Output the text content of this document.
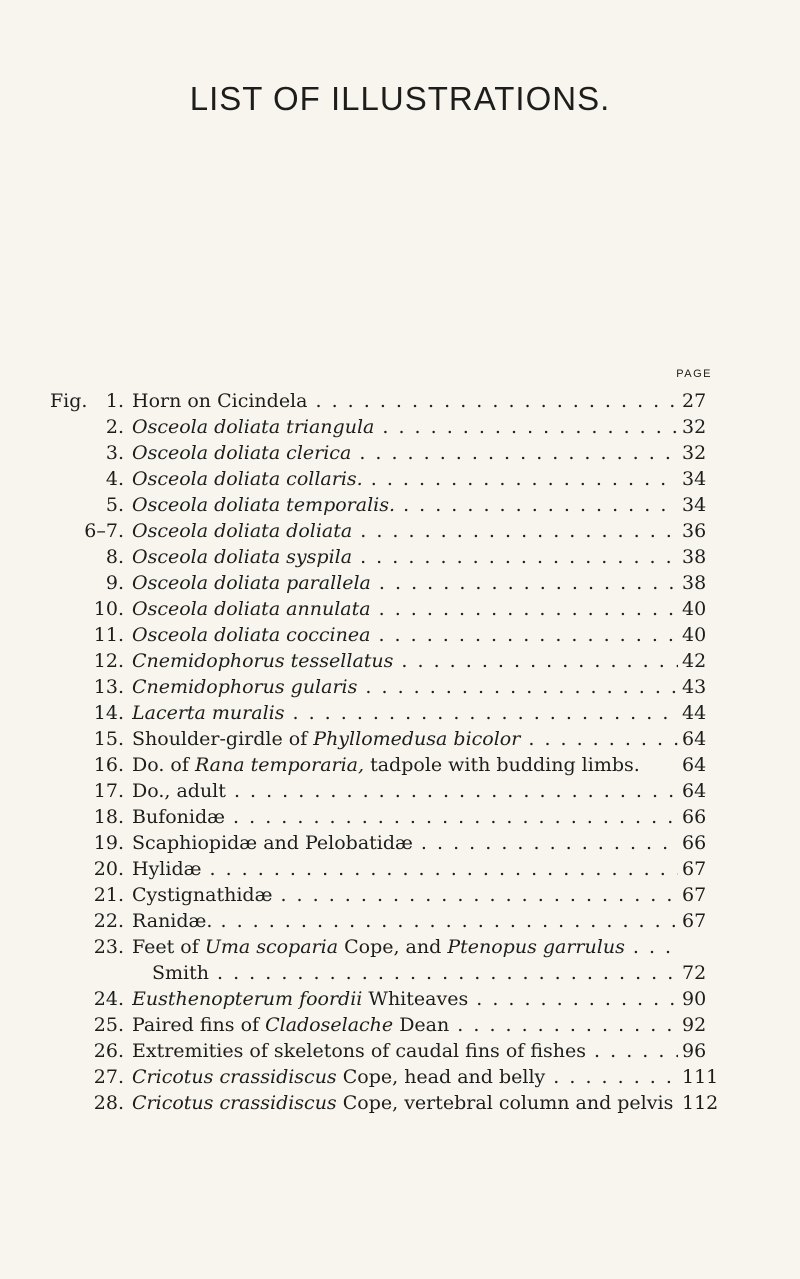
LIST OF ILLUSTRATIONS.
PAGE
Fig. 1. Horn on Cicindela . . .	27
2. Osceola doliata triangula . . .	32
3. Osceola doliata clerica . . .	32
4. Osceola doliata collaris. . . .	34
5. Osceola doliata temporalis. . . .	34
6–7. Osceola doliata doliata . . .	36
8. Osceola doliata syspila . . .	38
9. Osceola doliata parallela . . .	38
10. Osceola doliata annulata . . .	40
11. Osceola doliata coccinea . . .	40
12. Cnemidophorus tessellatus . . .	42
13. Cnemidophorus gularis . . .	43
14. Lacerta muralis . . .	44
15. Shoulder-girdle of Phyllomedusa bicolor . . .	64
16. Do. of Rana temporaria, tadpole with budding limbs.	64
17. Do., adult . . .	64
18. Bufonidæ . . .	66
19. Scaphiopidæ and Pelobatidæ . . .	66
20. Hylidæ . . .	67
21. Cystignathidæ . . .	67
22. Ranidæ. . . .	67
23. Feet of Uma scoparia Cope, and Ptenopus garrulus . . .
Smith . . .	72
24. Eusthenopterum foordii Whiteaves . . .	90
25. Paired fins of Cladoselache Dean . . .	92
26. Extremities of skeletons of caudal fins of fishes . . .	96
27. Cricotus crassidiscus Cope, head and belly . . .	111
28. Cricotus crassidiscus Cope, vertebral column and pelvis 112
